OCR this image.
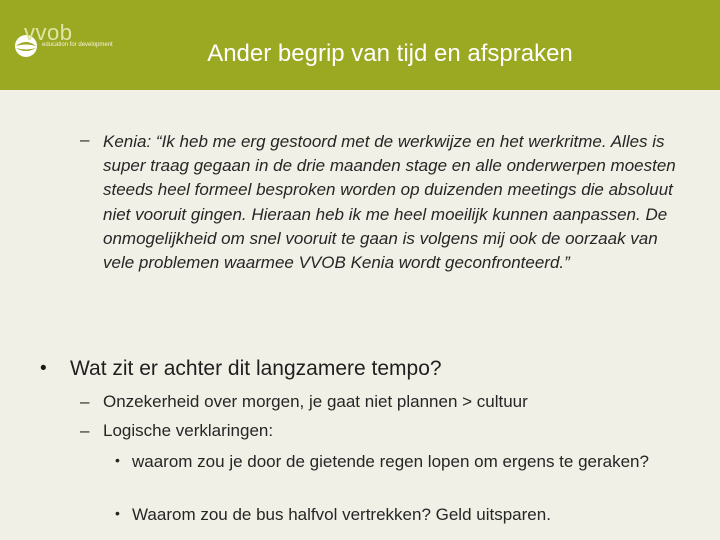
vvob
education for development	Ander begrip van tijd en afspraken
– Kenia: “Ik heb me erg gestoord met de werkwijze en het werkritme. Alles is super traag gegaan in de drie maanden stage en alle onderwerpen moesten steeds heel formeel besproken worden op duizenden meetings die absoluut niet vooruit gingen. Hieraan heb ik me heel moeilijk kunnen aanpassen. De onmogelijkheid om snel vooruit te gaan is volgens mij ook de oorzaak van vele problemen waarmee VVOB Kenia wordt geconfronteerd.”
• Wat zit er achter dit langzamere tempo?
– Onzekerheid over morgen, je gaat niet plannen > cultuur
– Logische verklaringen:
• waarom zou je door de gietende regen lopen om ergens te geraken?
• Waarom zou de bus halfvol vertrekken? Geld uitsparen.
